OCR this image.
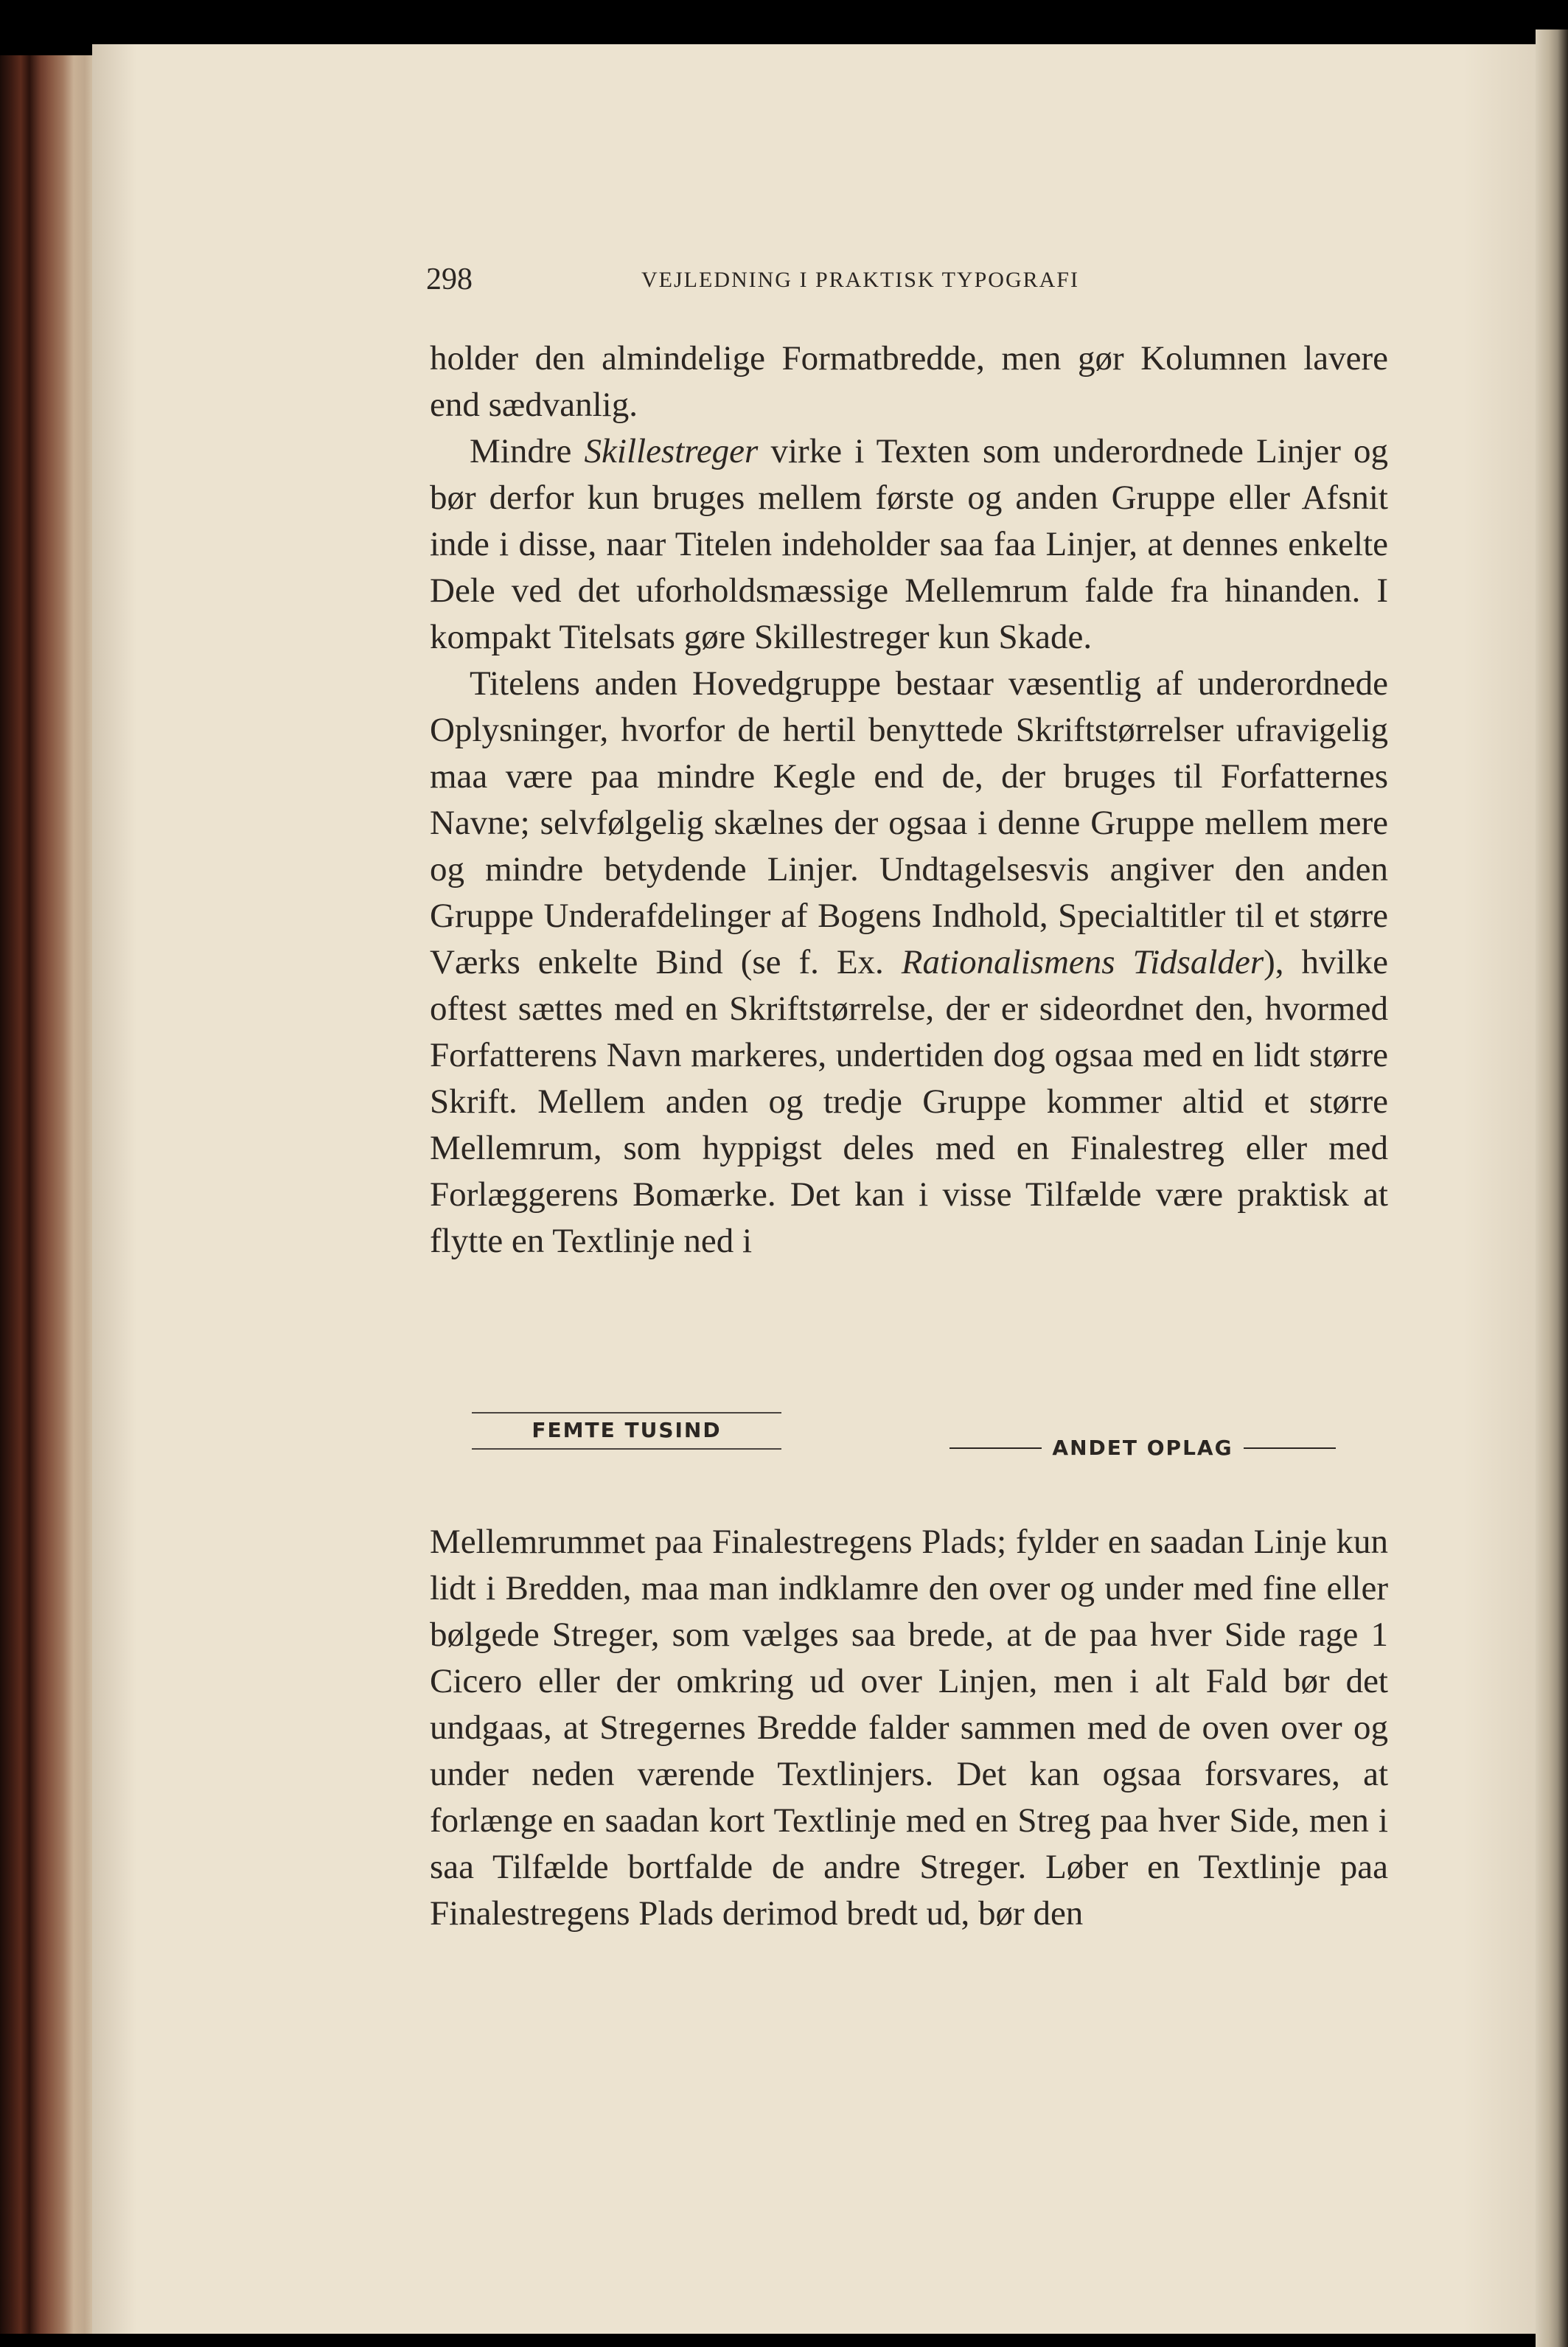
298	VEJLEDNING I PRAKTISK TYPOGRAFI

holder den almindelige Formatbredde, men gør Kolumnen lavere end sædvanlig.

Mindre Skillestreger virke i Texten som underordnede Linjer og bør derfor kun bruges mellem første og anden Gruppe eller Afsnit inde i disse, naar Titelen indeholder saa faa Linjer, at dennes enkelte Dele ved det uforholdsmæssige Mellemrum falde fra hinanden. I kompakt Titelsats gøre Skillestreger kun Skade.

Titelens anden Hovedgruppe bestaar væsentlig af underordnede Oplysninger, hvorfor de hertil benyttede Skriftstørrelser ufravigelig maa være paa mindre Kegle end de, der bruges til Forfatternes Navne; selvfølgelig skælnes der ogsaa i denne Gruppe mellem mere og mindre betydende Linjer. Undtagelsesvis angiver den anden Gruppe Underafdelinger af Bogens Indhold, Specialtitler til et større Værks enkelte Bind (se f. Ex. Rationalismens Tidsalder), hvilke oftest sættes med en Skriftstørrelse, der er sideordnet den, hvormed Forfatterens Navn markeres, undertiden dog ogsaa med en lidt større Skrift. Mellem anden og tredje Gruppe kommer altid et større Mellemrum, som hyppigst deles med en Finalestreg eller med Forlæggerens Bomærke. Det kan i visse Tilfælde være praktisk at flytte en Textlinje ned i

FEMTE TUSIND
ANDET OPLAG

Mellemrummet paa Finalestregens Plads; fylder en saadan Linje kun lidt i Bredden, maa man indklamre den over og under med fine eller bølgede Streger, som vælges saa brede, at de paa hver Side rage 1 Cicero eller der omkring ud over Linjen, men i alt Fald bør det undgaas, at Stregernes Bredde falder sammen med de oven over og under neden værende Textlinjers. Det kan ogsaa forsvares, at forlænge en saadan kort Textlinje med en Streg paa hver Side, men i saa Tilfælde bortfalde de andre Streger. Løber en Textlinje paa Finalestregens Plads derimod bredt ud, bør den
